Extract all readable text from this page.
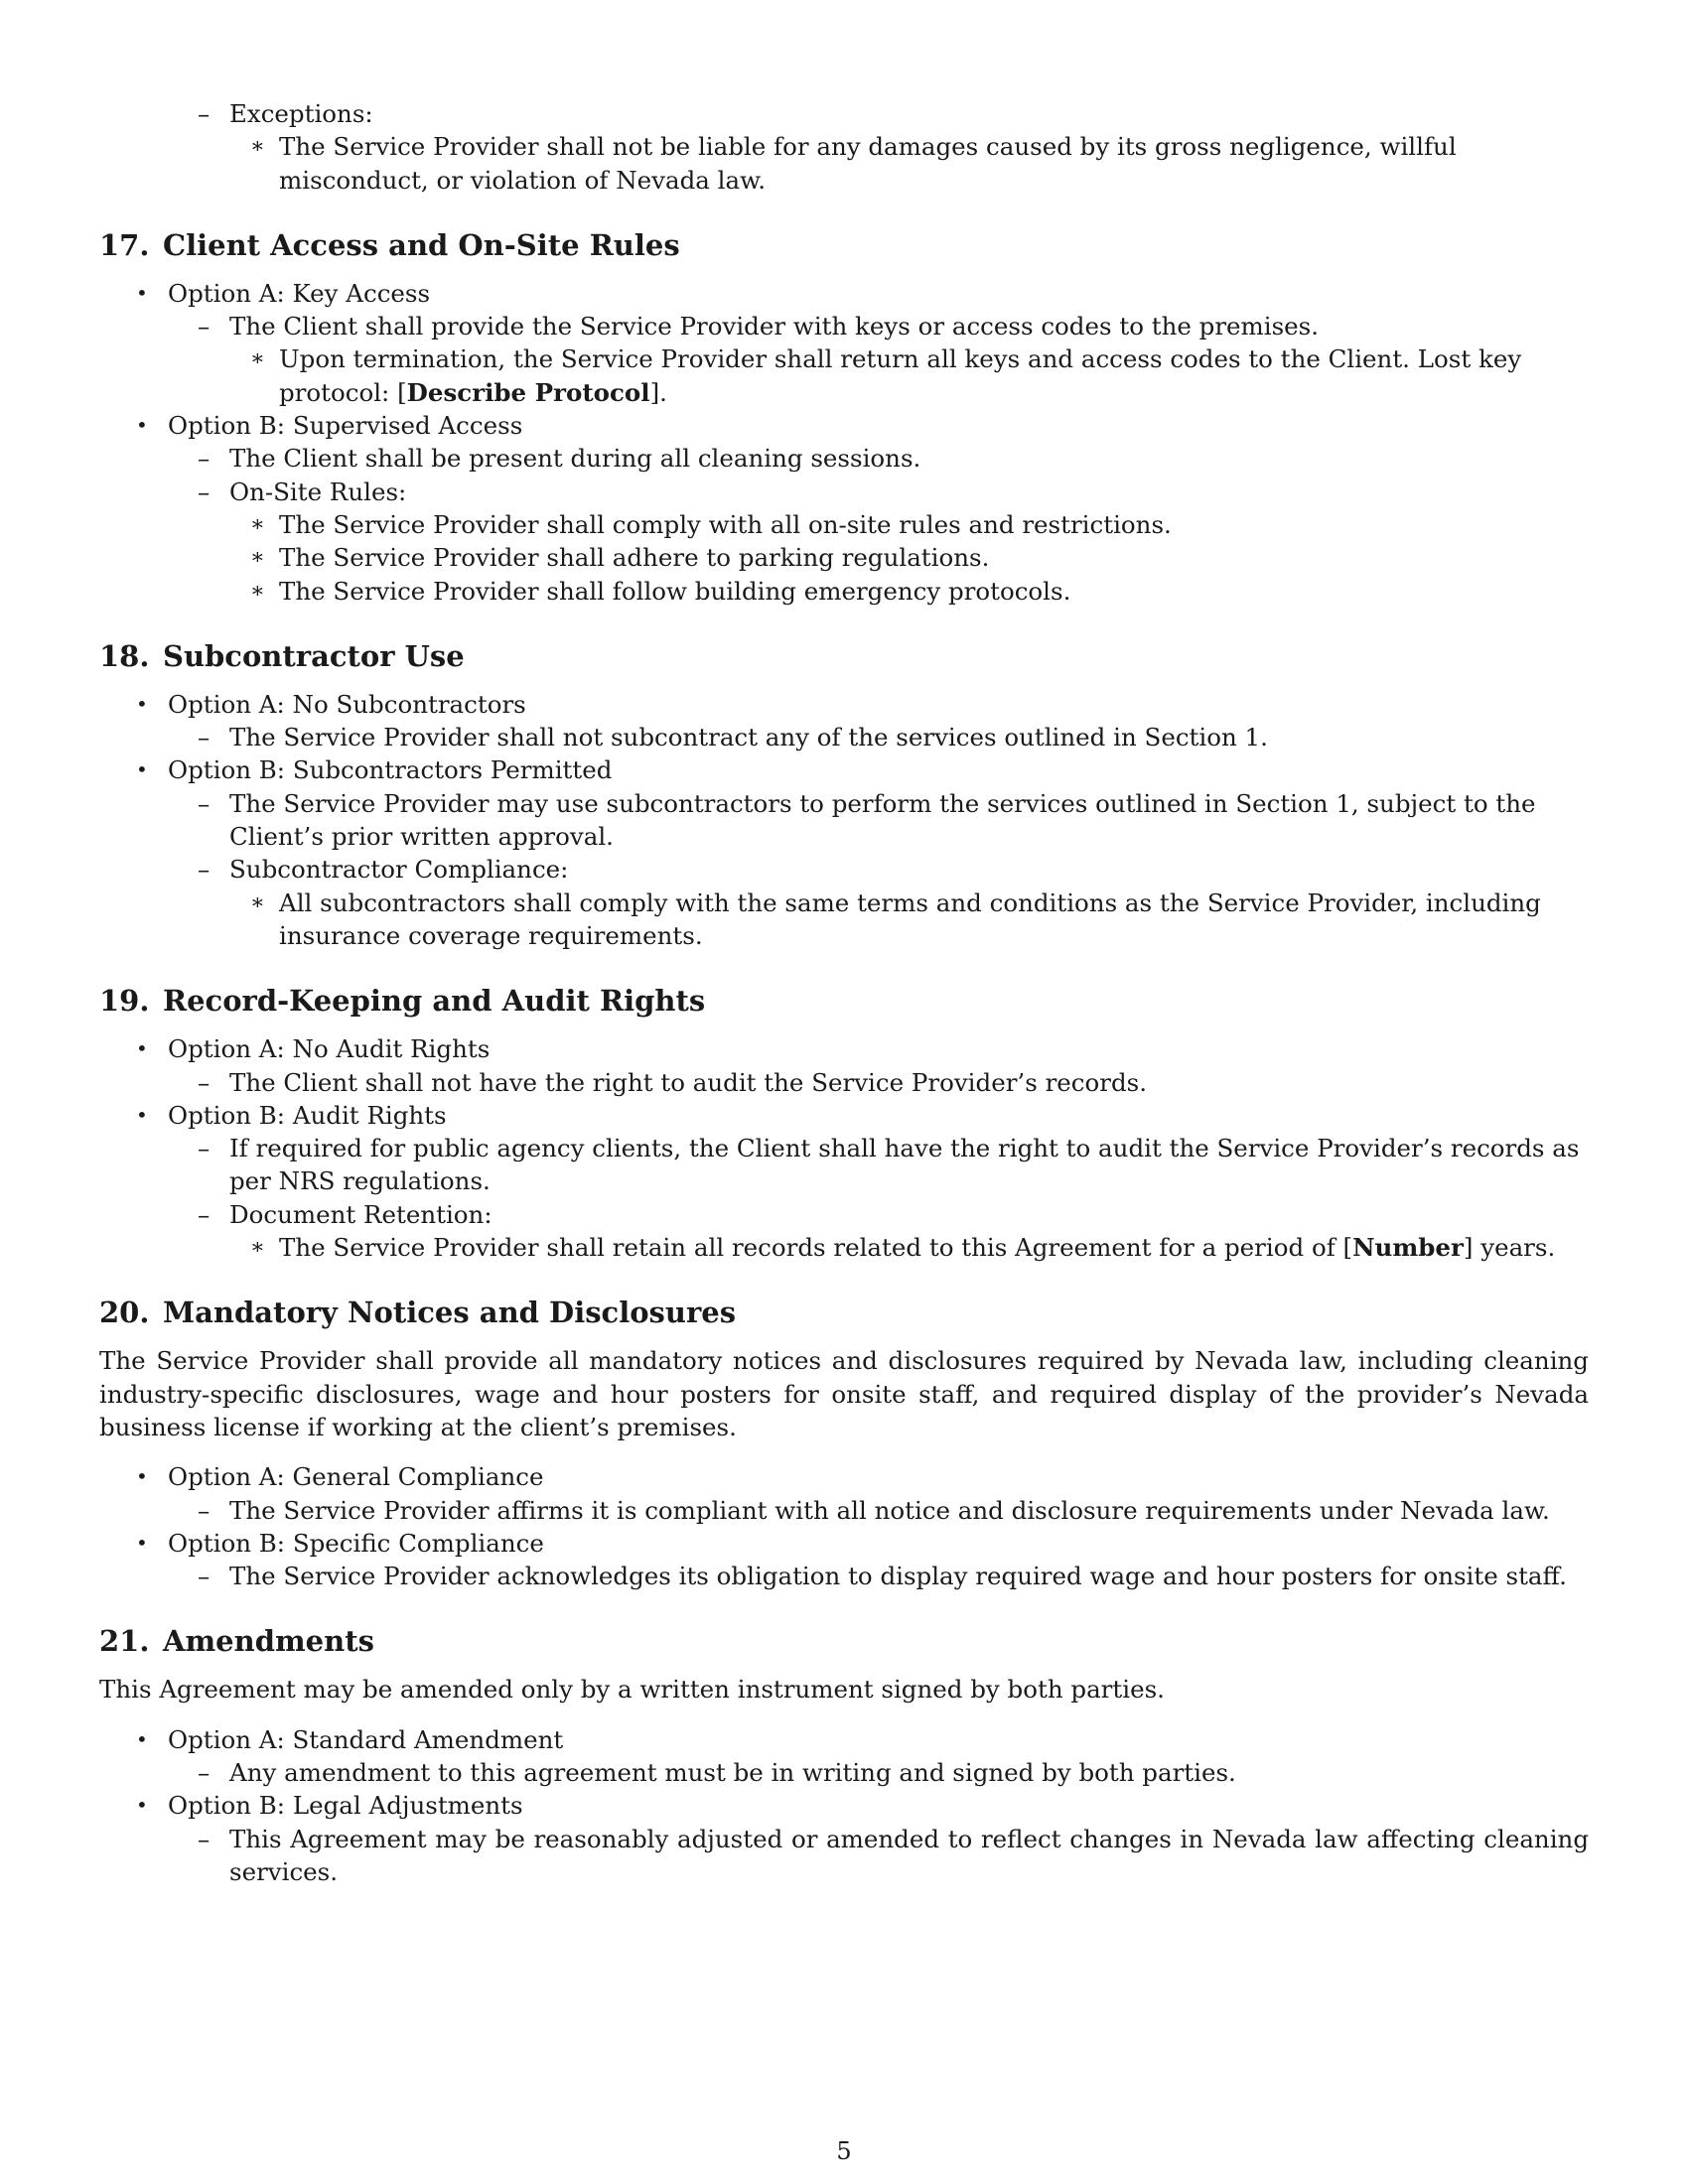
– Exceptions:
∗ The Service Provider shall not be liable for any damages caused by its gross negligence, willful misconduct, or violation of Nevada law.
17. Client Access and On-Site Rules
• Option A: Key Access
– The Client shall provide the Service Provider with keys or access codes to the premises.
∗ Upon termination, the Service Provider shall return all keys and access codes to the Client. Lost key protocol: [Describe Protocol].
• Option B: Supervised Access
– The Client shall be present during all cleaning sessions.
– On-Site Rules:
∗ The Service Provider shall comply with all on-site rules and restrictions.
∗ The Service Provider shall adhere to parking regulations.
∗ The Service Provider shall follow building emergency protocols.
18. Subcontractor Use
• Option A: No Subcontractors
– The Service Provider shall not subcontract any of the services outlined in Section 1.
• Option B: Subcontractors Permitted
– The Service Provider may use subcontractors to perform the services outlined in Section 1, subject to the Client’s prior written approval.
– Subcontractor Compliance:
∗ All subcontractors shall comply with the same terms and conditions as the Service Provider, including insurance coverage requirements.
19. Record-Keeping and Audit Rights
• Option A: No Audit Rights
– The Client shall not have the right to audit the Service Provider’s records.
• Option B: Audit Rights
– If required for public agency clients, the Client shall have the right to audit the Service Provider’s records as per NRS regulations.
– Document Retention:
∗ The Service Provider shall retain all records related to this Agreement for a period of [Number] years.
20. Mandatory Notices and Disclosures

The Service Provider shall provide all mandatory notices and disclosures required by Nevada law, including cleaning industry-specific disclosures, wage and hour posters for onsite staff, and required display of the provider’s Nevada business license if working at the client’s premises.

• Option A: General Compliance
– The Service Provider affirms it is compliant with all notice and disclosure requirements under Nevada law.
• Option B: Specific Compliance
– The Service Provider acknowledges its obligation to display required wage and hour posters for onsite staff.
21. Amendments

This Agreement may be amended only by a written instrument signed by both parties.

• Option A: Standard Amendment
– Any amendment to this agreement must be in writing and signed by both parties.
• Option B: Legal Adjustments
– This Agreement may be reasonably adjusted or amended to reflect changes in Nevada law affecting cleaning services.
5
